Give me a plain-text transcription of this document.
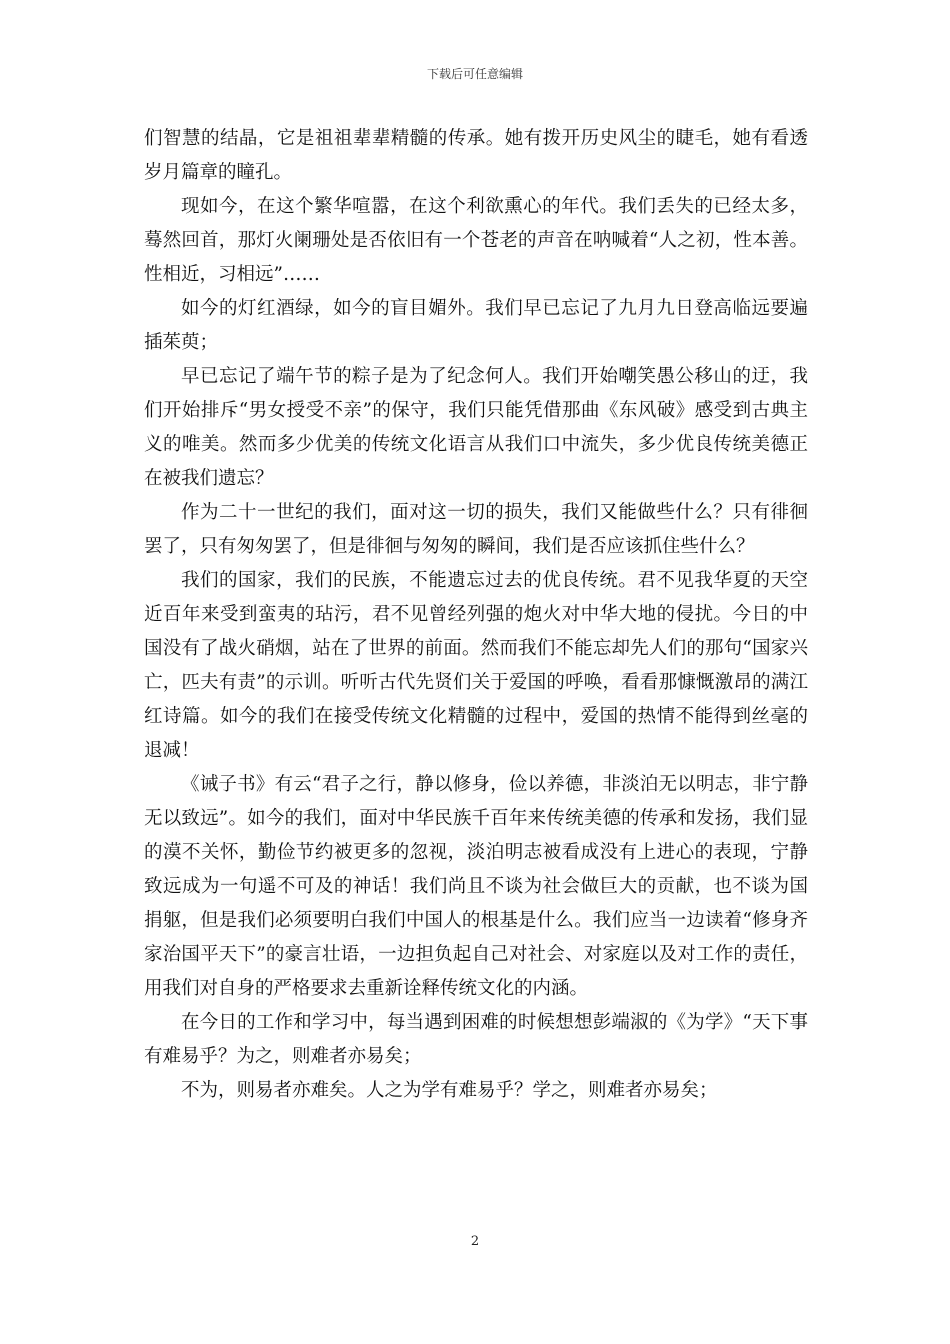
下载后可任意编辑

们智慧的结晶，它是祖祖辈辈精髓的传承。她有拨开历史风尘的睫毛，她有看透岁月篇章的瞳孔。

现如今，在这个繁华喧嚣，在这个利欲熏心的年代。我们丢失的已经太多，蓦然回首，那灯火阑珊处是否依旧有一个苍老的声音在呐喊着“人之初，性本善。性相近，习相远”……

如今的灯红酒绿，如今的盲目媚外。我们早已忘记了九月九日登高临远要遍插茱萸；

早已忘记了端午节的粽子是为了纪念何人。我们开始嘲笑愚公移山的迂，我们开始排斥“男女授受不亲”的保守，我们只能凭借那曲《东风破》感受到古典主义的唯美。然而多少优美的传统文化语言从我们口中流失，多少优良传统美德正在被我们遗忘？

作为二十一世纪的我们，面对这一切的损失，我们又能做些什么？只有徘徊罢了，只有匆匆罢了，但是徘徊与匆匆的瞬间，我们是否应该抓住些什么？

我们的国家，我们的民族，不能遗忘过去的优良传统。君不见我华夏的天空近百年来受到蛮夷的玷污，君不见曾经列强的炮火对中华大地的侵扰。今日的中国没有了战火硝烟，站在了世界的前面。然而我们不能忘却先人们的那句“国家兴亡，匹夫有责”的示训。听听古代先贤们关于爱国的呼唤，看看那慷慨激昂的满江红诗篇。如今的我们在接受传统文化精髓的过程中，爱国的热情不能得到丝毫的退减！

《诫子书》有云“君子之行，静以修身，俭以养德，非淡泊无以明志，非宁静无以致远”。如今的我们，面对中华民族千百年来传统美德的传承和发扬，我们显的漠不关怀，勤俭节约被更多的忽视，淡泊明志被看成没有上进心的表现，宁静致远成为一句遥不可及的神话！我们尚且不谈为社会做巨大的贡献，也不谈为国捐躯，但是我们必须要明白我们中国人的根基是什么。我们应当一边读着“修身齐家治国平天下”的豪言壮语，一边担负起自己对社会、对家庭以及对工作的责任，用我们对自身的严格要求去重新诠释传统文化的内涵。

在今日的工作和学习中，每当遇到困难的时候想想彭端淑的《为学》“天下事有难易乎？为之，则难者亦易矣；

不为，则易者亦难矣。人之为学有难易乎？学之，则难者亦易矣；

2
